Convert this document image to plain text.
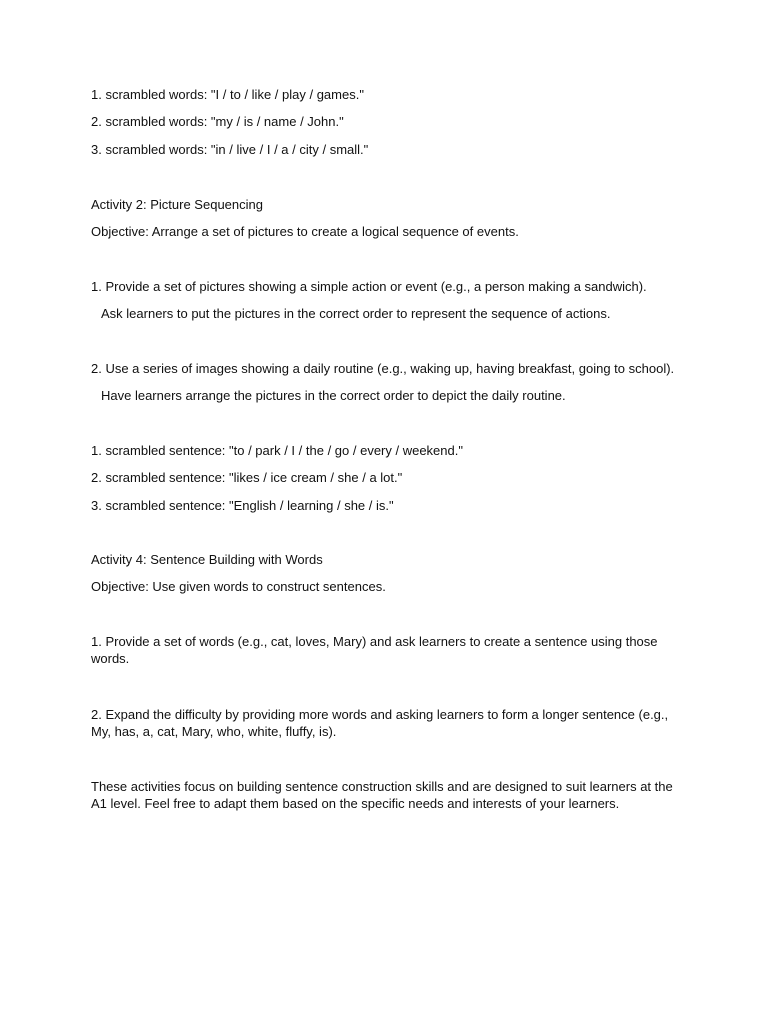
1. scrambled words: "I / to / like / play / games."
2. scrambled words: "my / is / name / John."
3. scrambled words: "in / live / I / a / city / small."
Activity 2: Picture Sequencing
Objective: Arrange a set of pictures to create a logical sequence of events.
1. Provide a set of pictures showing a simple action or event (e.g., a person making a sandwich).
Ask learners to put the pictures in the correct order to represent the sequence of actions.
2. Use a series of images showing a daily routine (e.g., waking up, having breakfast, going to school).
Have learners arrange the pictures in the correct order to depict the daily routine.
1. scrambled sentence: "to / park / I / the / go / every / weekend."
2. scrambled sentence: "likes / ice cream / she / a lot."
3. scrambled sentence: "English / learning / she / is."
Activity 4: Sentence Building with Words
Objective: Use given words to construct sentences.
1. Provide a set of words (e.g., cat, loves, Mary) and ask learners to create a sentence using those words.
2. Expand the difficulty by providing more words and asking learners to form a longer sentence (e.g., My, has, a, cat, Mary, who, white, fluffy, is).
These activities focus on building sentence construction skills and are designed to suit learners at the A1 level. Feel free to adapt them based on the specific needs and interests of your learners.
